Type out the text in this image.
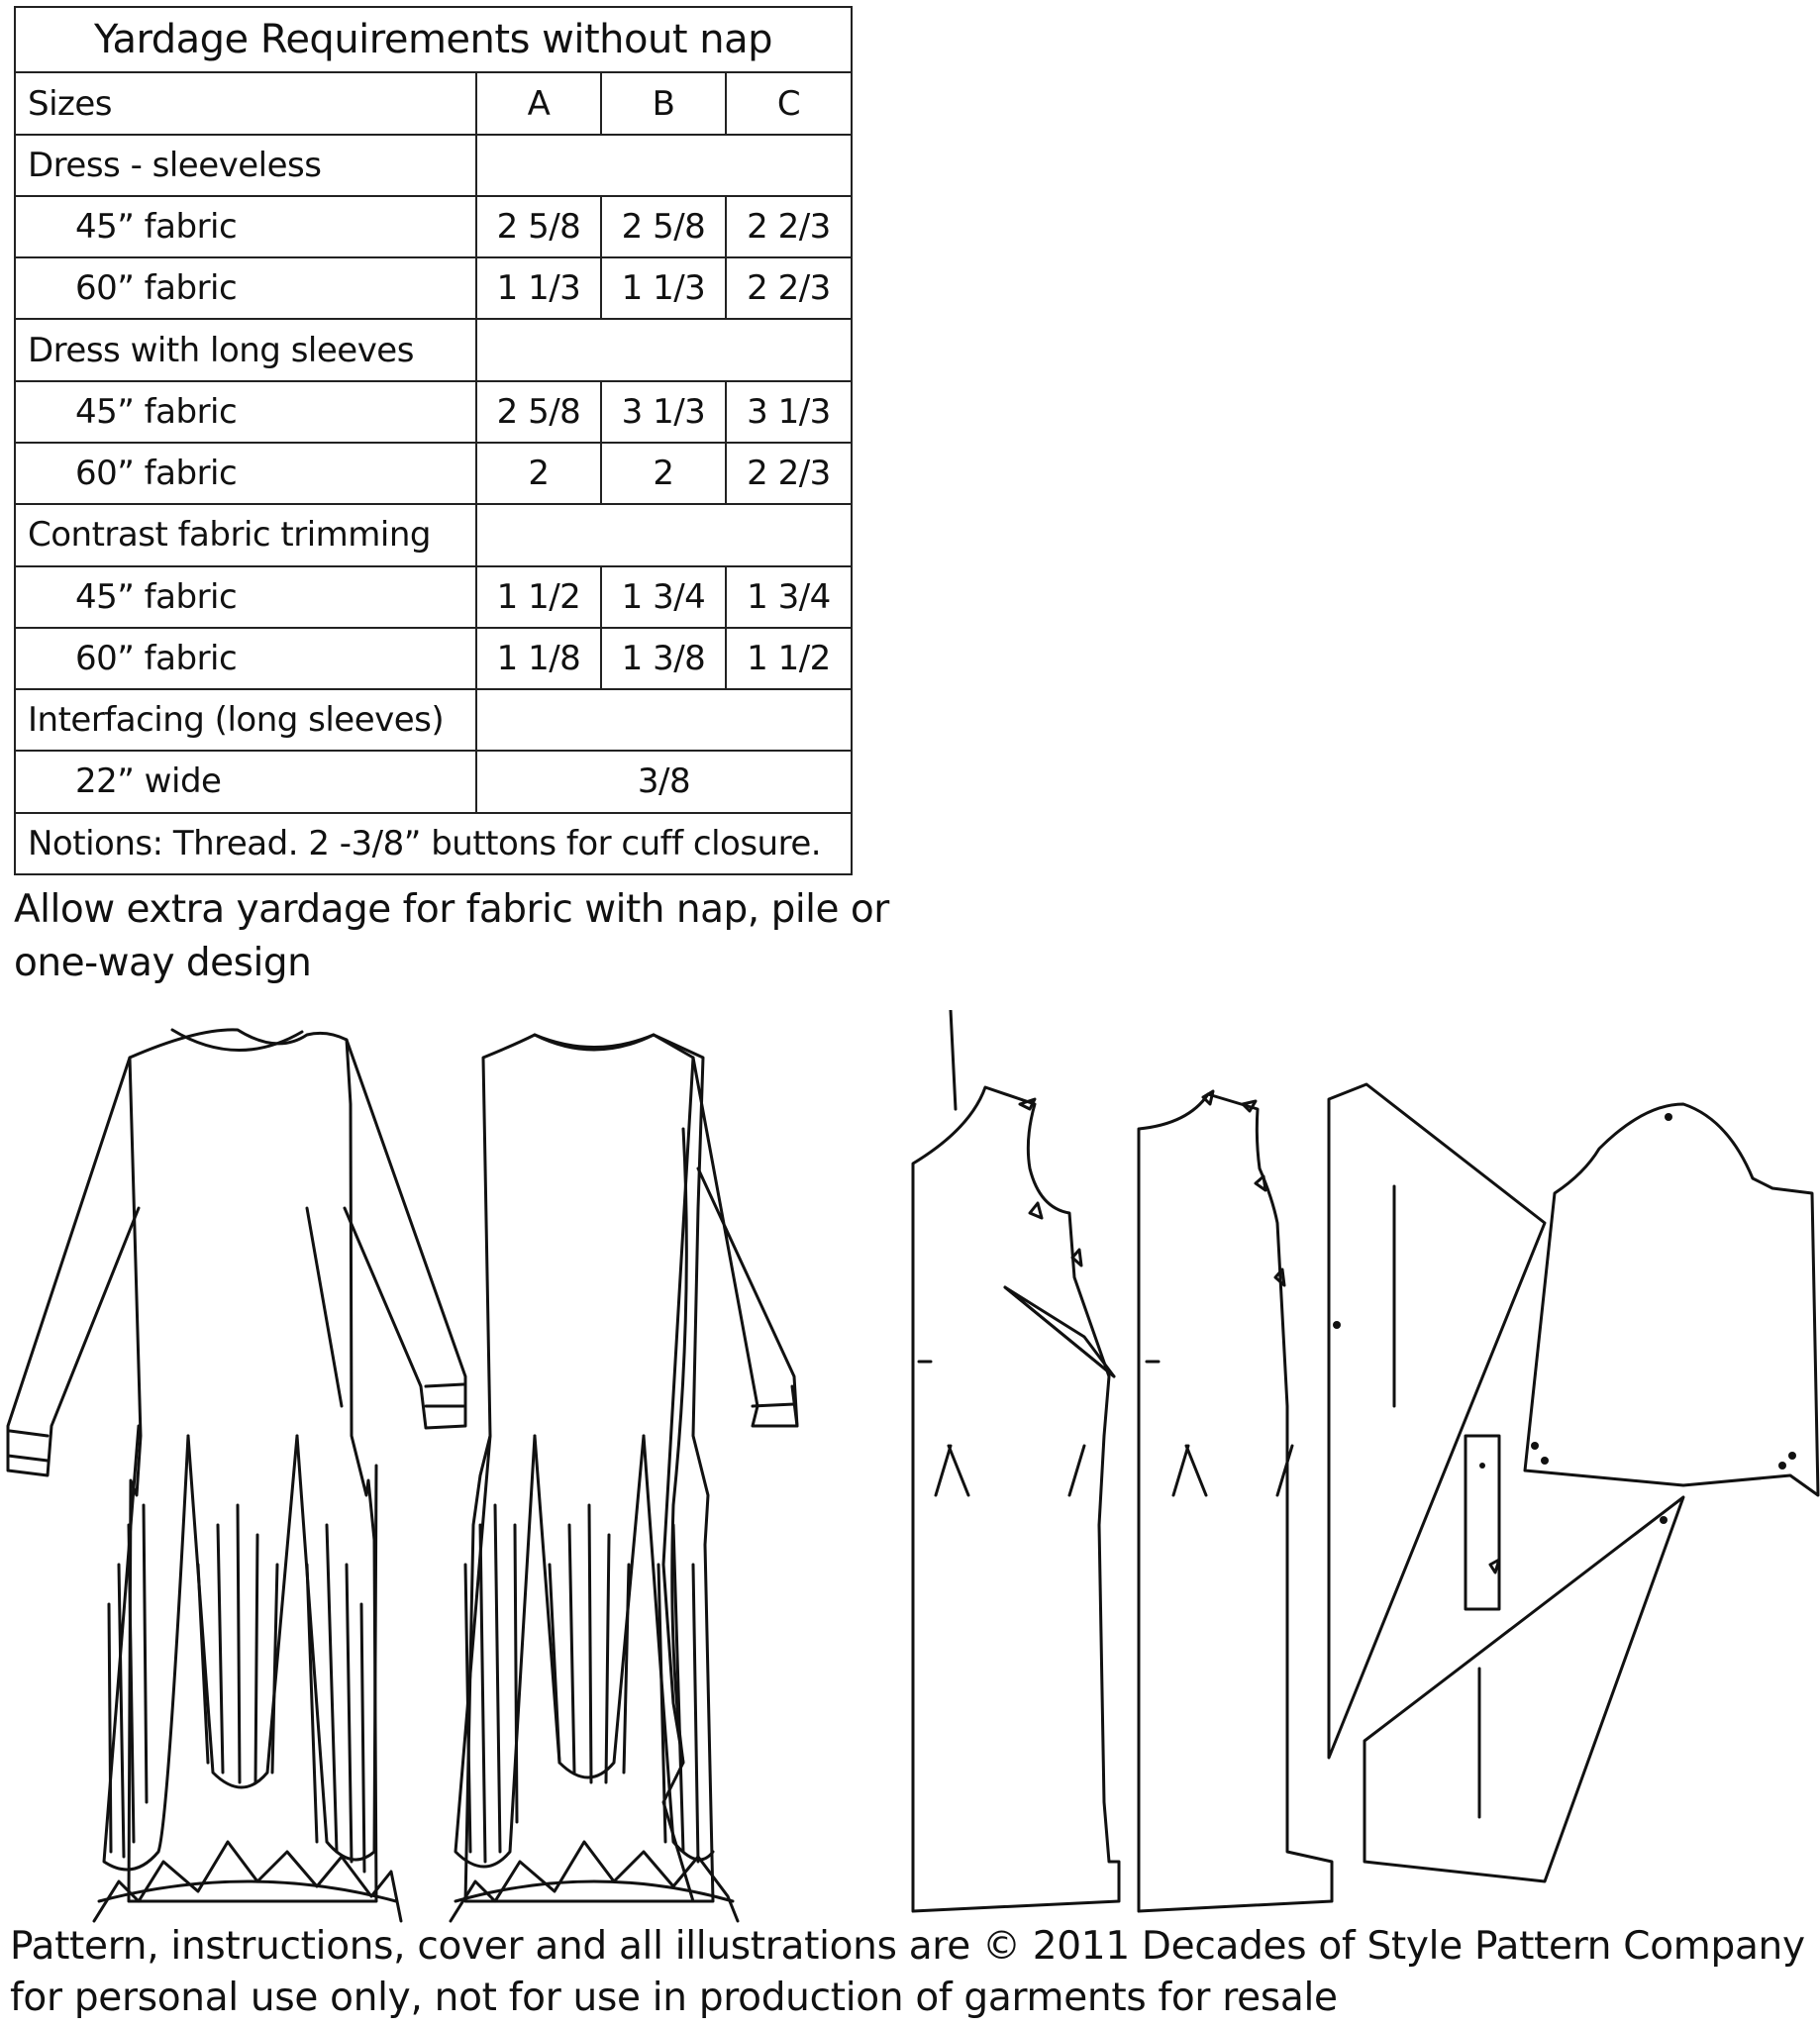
Yardage Requirements without nap			
Sizes	A	B	C
Dress - sleeveless			
45” fabric	2 5/8	2 5/8	2 2/3
60” fabric	1 1/3	1 1/3	2 2/3
Dress with long sleeves			
45” fabric	2 5/8	3 1/3	3 1/3
60” fabric	2	2	2 2/3
Contrast fabric trimming			
45” fabric	1 1/2	1 3/4	1 3/4
60” fabric	1 1/8	1 3/8	1 1/2
Interfacing (long sleeves)			
22” wide	3/8		
Notions: Thread. 2 -3/8” buttons for cuff closure.			
Allow extra yardage for fabric with nap, pile or
one-way design
Pattern, instructions, cover and all illustrations are © 2011 Decades of Style Pattern Company
for personal use only, not for use in production of garments for resale
